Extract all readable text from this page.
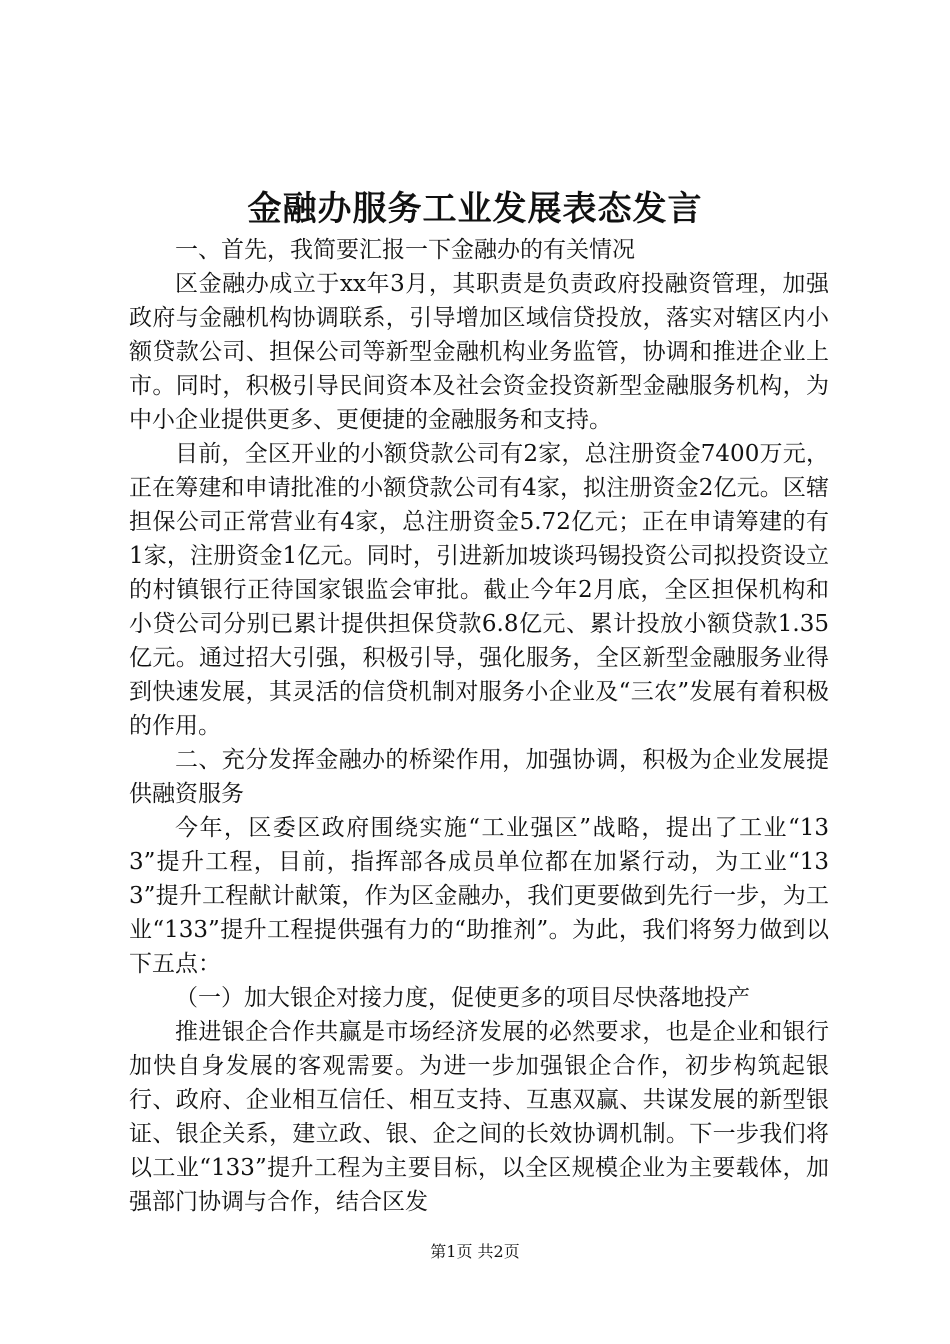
金融办服务工业发展表态发言

一、首先，我简要汇报一下金融办的有关情况

区金融办成立于xx年3月，其职责是负责政府投融资管理，加强政府与金融机构协调联系，引导增加区域信贷投放，落实对辖区内小额贷款公司、担保公司等新型金融机构业务监管，协调和推进企业上市。同时，积极引导民间资本及社会资金投资新型金融服务机构，为中小企业提供更多、更便捷的金融服务和支持。

目前，全区开业的小额贷款公司有2家，总注册资金7400万元，正在筹建和申请批准的小额贷款公司有4家，拟注册资金2亿元。区辖担保公司正常营业有4家，总注册资金5.72亿元；正在申请筹建的有1家，注册资金1亿元。同时，引进新加坡谈玛锡投资公司拟投资设立的村镇银行正待国家银监会审批。截止今年2月底，全区担保机构和小贷公司分别已累计提供担保贷款6.8亿元、累计投放小额贷款1.35亿元。通过招大引强，积极引导，强化服务，全区新型金融服务业得到快速发展，其灵活的信贷机制对服务小企业及“三农”发展有着积极的作用。

二、充分发挥金融办的桥梁作用，加强协调，积极为企业发展提供融资服务

今年，区委区政府围绕实施“工业强区”战略，提出了工业“133”提升工程，目前，指挥部各成员单位都在加紧行动，为工业“133”提升工程献计献策，作为区金融办，我们更要做到先行一步，为工业“133”提升工程提供强有力的“助推剂”。为此，我们将努力做到以下五点：

（一）加大银企对接力度，促使更多的项目尽快落地投产

推进银企合作共赢是市场经济发展的必然要求，也是企业和银行加快自身发展的客观需要。为进一步加强银企合作，初步构筑起银行、政府、企业相互信任、相互支持、互惠双赢、共谋发展的新型银证、银企关系，建立政、银、企之间的长效协调机制。下一步我们将以工业“133”提升工程为主要目标，以全区规模企业为主要载体，加强部门协调与合作，结合区发

第1页 共2页
